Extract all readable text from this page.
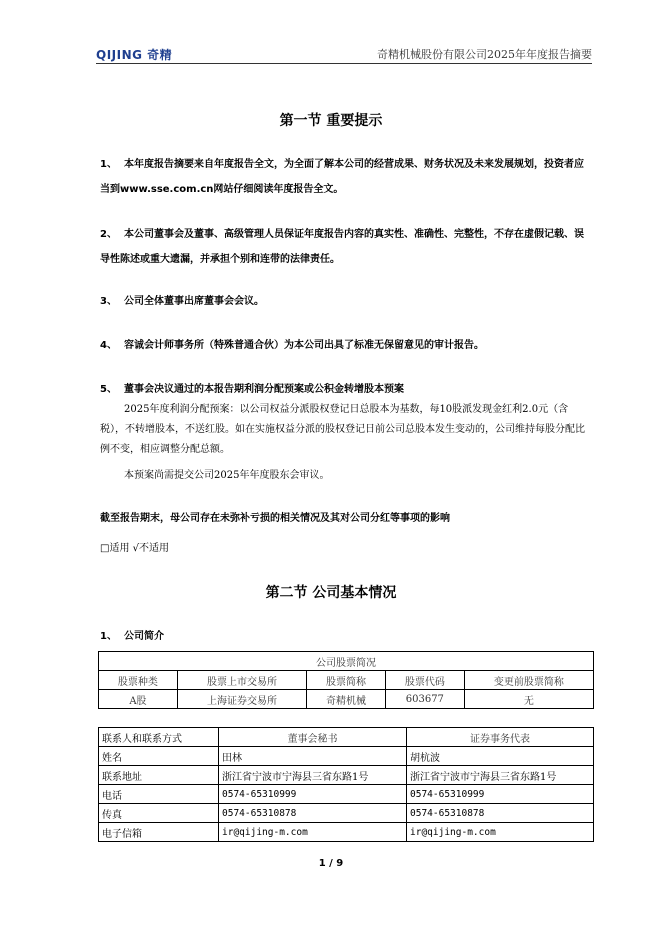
QIJING 奇精	奇精机械股份有限公司2025年年度报告摘要
第一节 重要提示
1、 本年度报告摘要来自年度报告全文，为全面了解本公司的经营成果、财务状况及未来发展规划，投资者应当到www.sse.com.cn网站仔细阅读年度报告全文。
2、 本公司董事会及董事、高级管理人员保证年度报告内容的真实性、准确性、完整性，不存在虚假记载、误导性陈述或重大遗漏，并承担个别和连带的法律责任。
3、 公司全体董事出席董事会会议。
4、 容诚会计师事务所（特殊普通合伙）为本公司出具了标准无保留意见的审计报告。
5、 董事会决议通过的本报告期利润分配预案或公积金转增股本预案
2025年度利润分配预案：以公司权益分派股权登记日总股本为基数，每10股派发现金红利2.0元（含税），不转增股本，不送红股。如在实施权益分派的股权登记日前公司总股本发生变动的，公司维持每股分配比例不变，相应调整分配总额。
本预案尚需提交公司2025年年度股东会审议。
截至报告期末，母公司存在未弥补亏损的相关情况及其对公司分红等事项的影响
□适用 √不适用
第二节 公司基本情况
1、 公司简介
公司股票简况				
股票种类	股票上市交易所	股票简称	股票代码	变更前股票简称
A股	上海证券交易所	奇精机械	603677	无
联系人和联系方式	董事会秘书	证券事务代表
姓名	田林	胡杭波
联系地址	浙江省宁波市宁海县三省东路1号	浙江省宁波市宁海县三省东路1号
电话	0574-65310999	0574-65310999
传真	0574-65310878	0574-65310878
电子信箱	ir@qijing-m.com	ir@qijing-m.com
1 / 9
